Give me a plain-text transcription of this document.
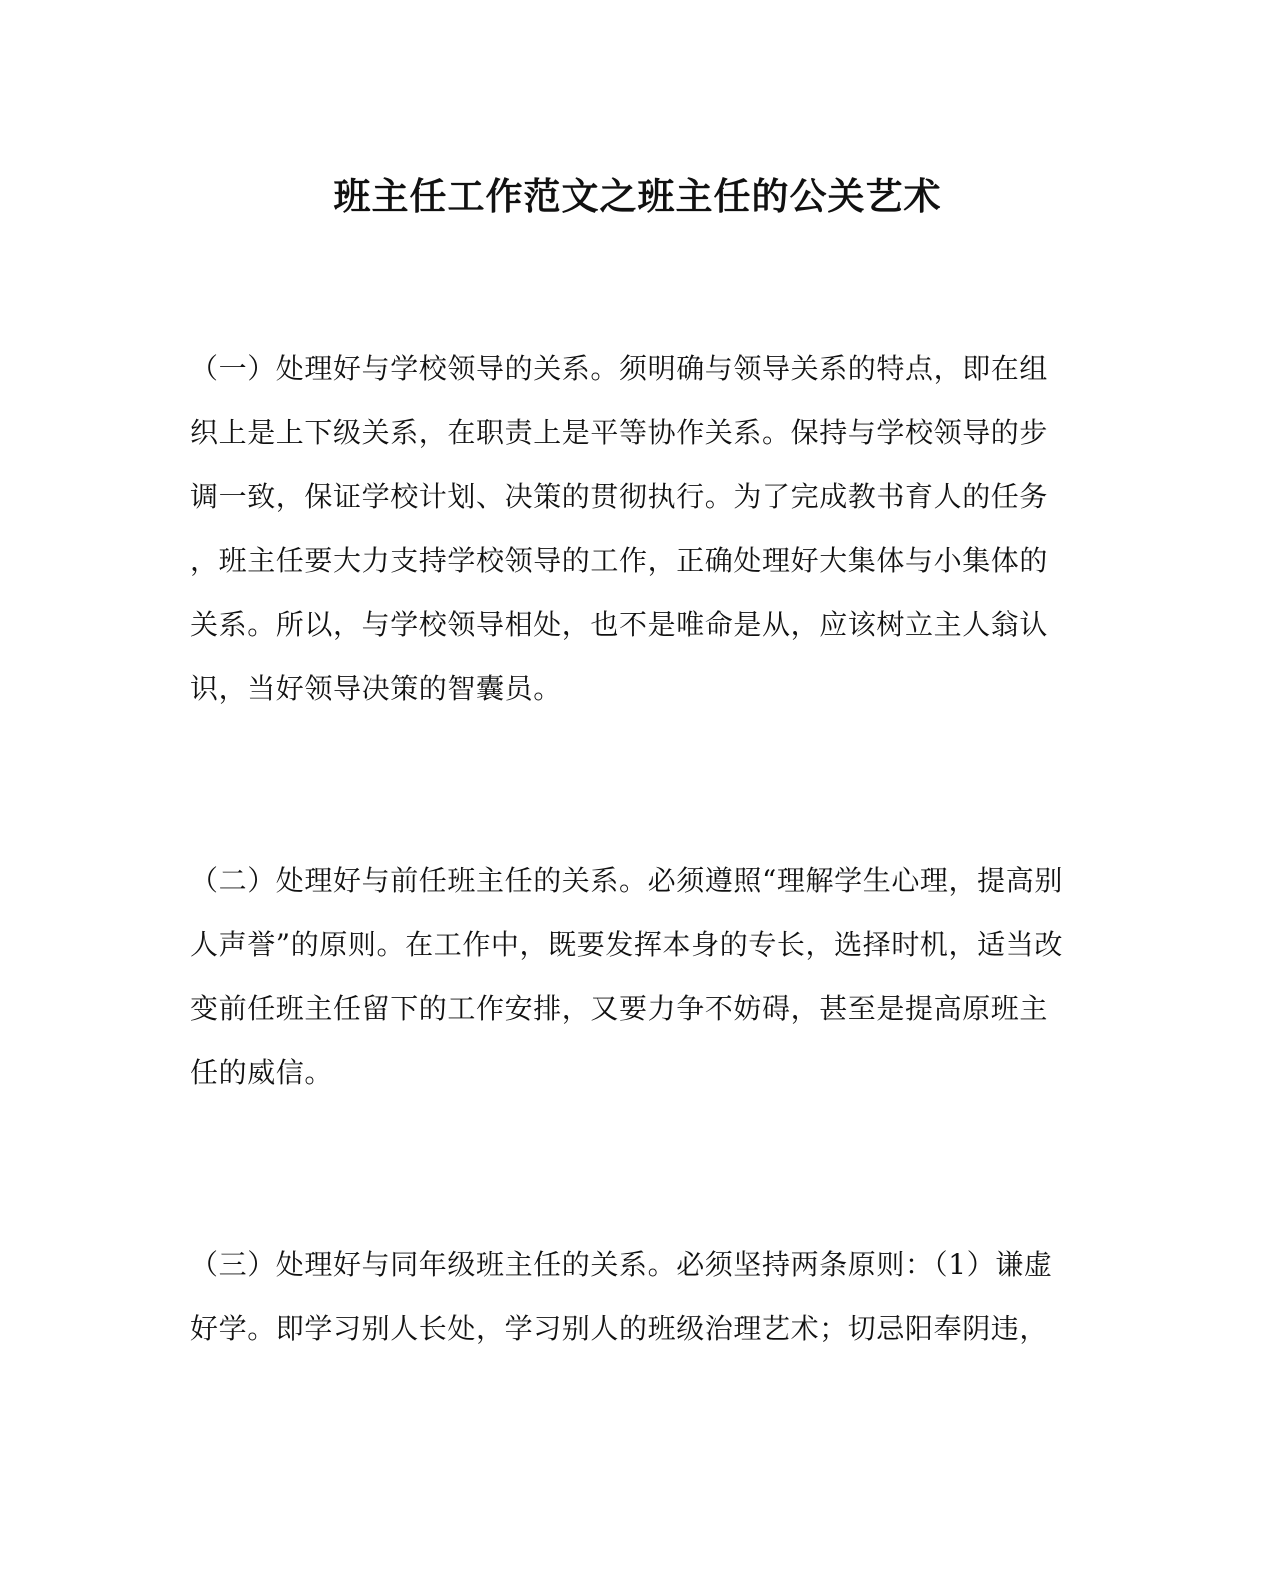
班主任工作范文之班主任的公关艺术

（一）处理好与学校领导的关系。须明确与领导关系的特点，即在组

织上是上下级关系，在职责上是平等协作关系。保持与学校领导的步

调一致，保证学校计划、决策的贯彻执行。为了完成教书育人的任务

，班主任要大力支持学校领导的工作，正确处理好大集体与小集体的

关系。所以，与学校领导相处，也不是唯命是从，应该树立主人翁认

识，当好领导决策的智囊员。

（二）处理好与前任班主任的关系。必须遵照“理解学生心理，提高别

人声誉”的原则。在工作中，既要发挥本身的专长，选择时机，适当改

变前任班主任留下的工作安排，又要力争不妨碍，甚至是提高原班主

任的威信。

（三）处理好与同年级班主任的关系。必须坚持两条原则：（1）谦虚

好学。即学习别人长处，学习别人的班级治理艺术；切忌阳奉阴违，
